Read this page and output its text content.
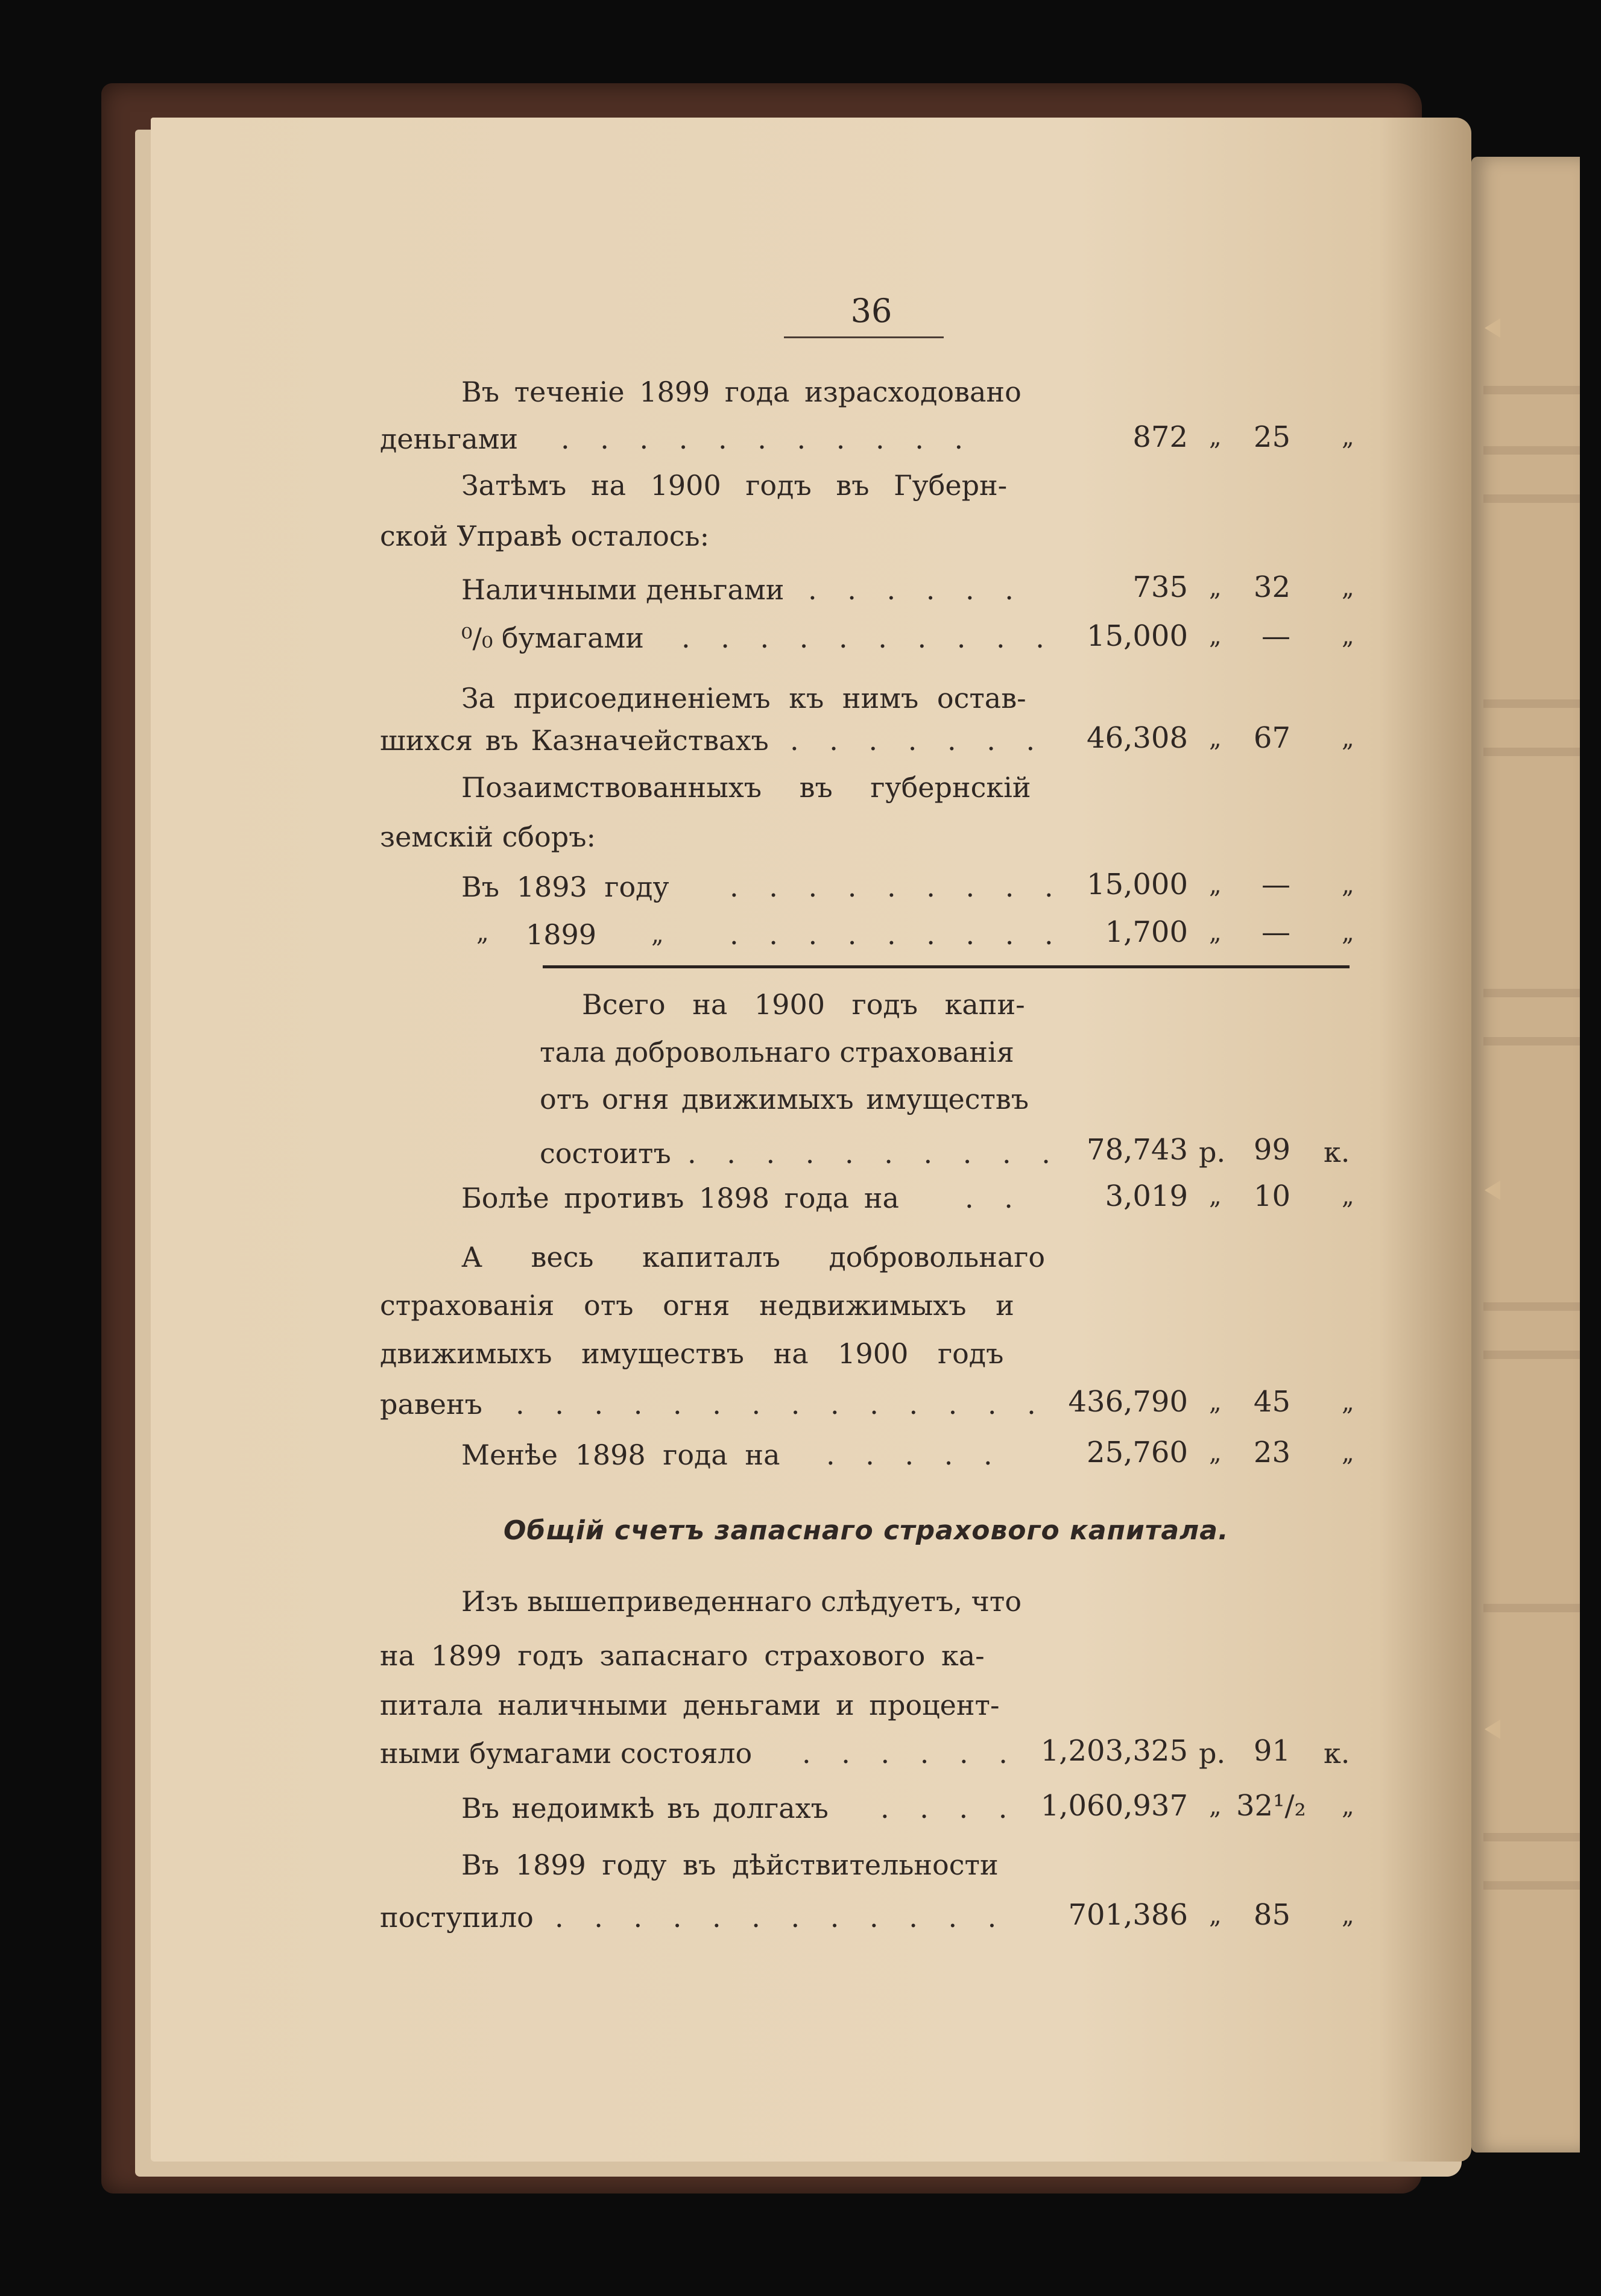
36
Въ теченіе 1899 года израсходовано
деньгами . . . . . . . . . . .	872 „	25 „
Затѣмъ на 1900 годъ въ Губерн-
ской Управѣ осталось:
Наличными деньгами . . . . . .	735 „	32 „
⁰/₀ бумагами . . . . . . . . . .	15,000 „	— „
За присоединеніемъ къ нимъ остав-
шихся въ Казначействахъ . . . . . . .	46,308 „	67 „
Позаимствованныхъ въ губернскій
земскій сборъ:
Въ 1893 году . . . . . . . . . 15,000 „	— „
„ 1899 „ . . . . . . . . .	1,700 „	— „
Всего на 1900 годъ капи-
тала добровольнаго страхованія
отъ огня движимыхъ имуществъ
состоитъ . . . . . . . . . . 78,743 р. 99 к.
Болѣе противъ 1898 года на . .	3,019 „	10 „
А весь капиталъ добровольнаго
страхованія отъ огня недвижимыхъ и
движимыхъ имуществъ на 1900 годъ
равенъ . . . . . . . . . . . . . . 436,790 „	45 „
Менѣе 1898 года на . . . . .	25,760 „	23 „
Общій счетъ запаснаго страхового капитала.
Изъ вышеприведеннаго слѣдуетъ, что
на 1899 годъ запаснаго страхового ка-
питала наличными деньгами и процент-
ными бумагами состояло . . . . . . 1,203,325 р. 91 к.
Въ недоимкѣ въ долгахъ . . . . 1,060,937 „ 32¹/₂	„
Въ 1899 году въ дѣйствительности
поступило . . . . . . . . . . . .	701,386 „	85 „
